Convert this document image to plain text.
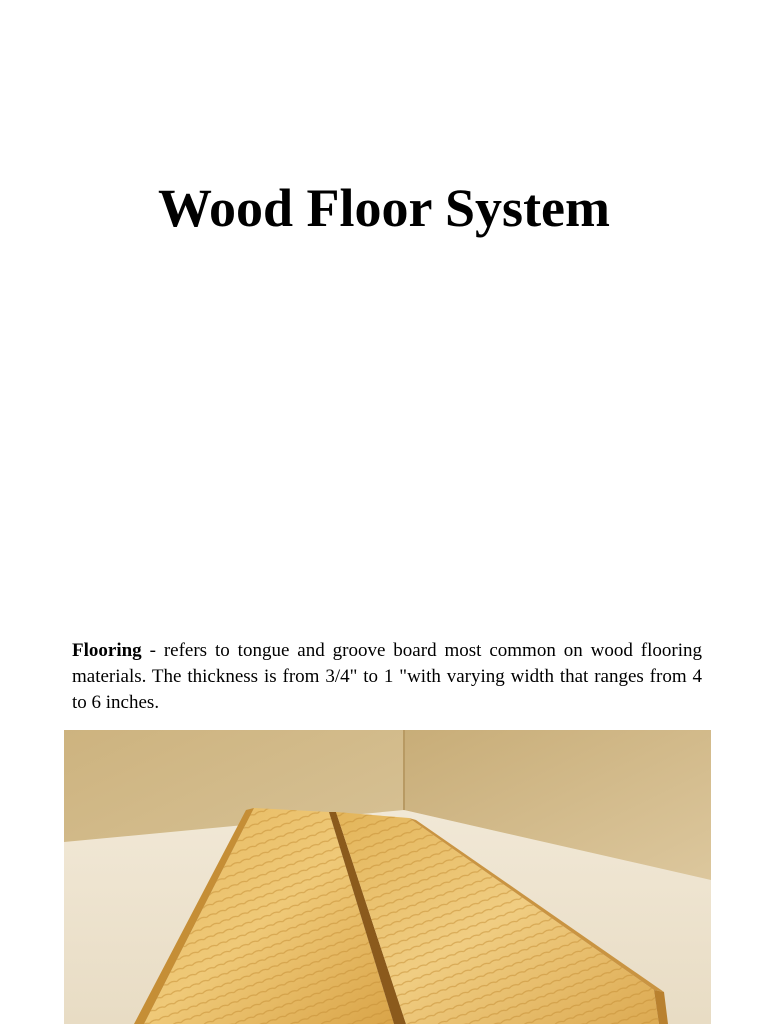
Wood Floor System

Flooring - refers to tongue and groove board most common on wood flooring materials. The thickness is from 3/4" to 1 "with varying width that ranges from 4 to 6 inches.
